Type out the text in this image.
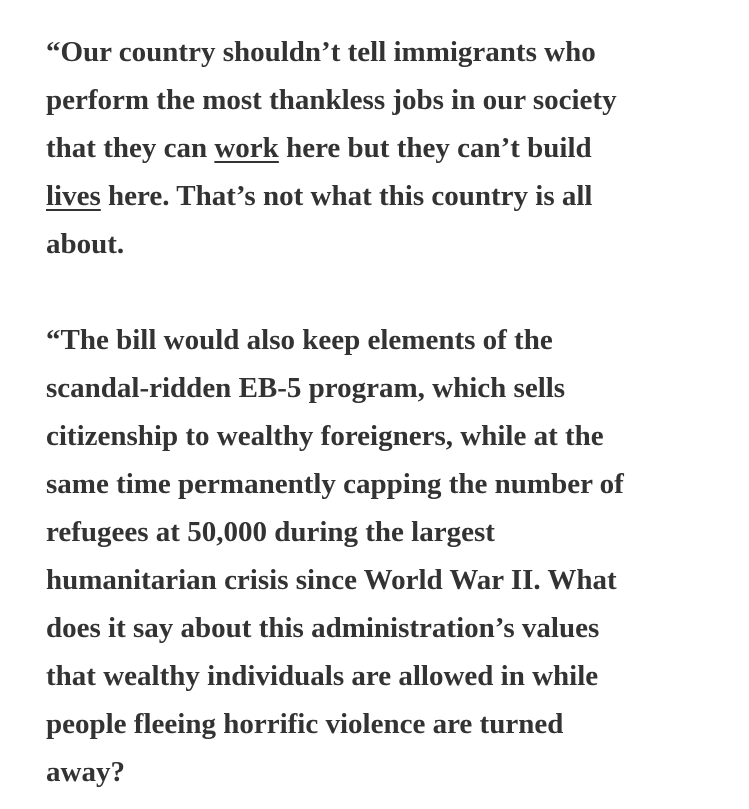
“Our country shouldn’t tell immigrants who
perform the most thankless jobs in our society
that they can work here but they can’t build
lives here. That’s not what this country is all
about.
“The bill would also keep elements of the
scandal-ridden EB-5 program, which sells
citizenship to wealthy foreigners, while at the
same time permanently capping the number of
refugees at 50,000 during the largest
humanitarian crisis since World War II. What
does it say about this administration’s values
that wealthy individuals are allowed in while
people fleeing horrific violence are turned
away?
